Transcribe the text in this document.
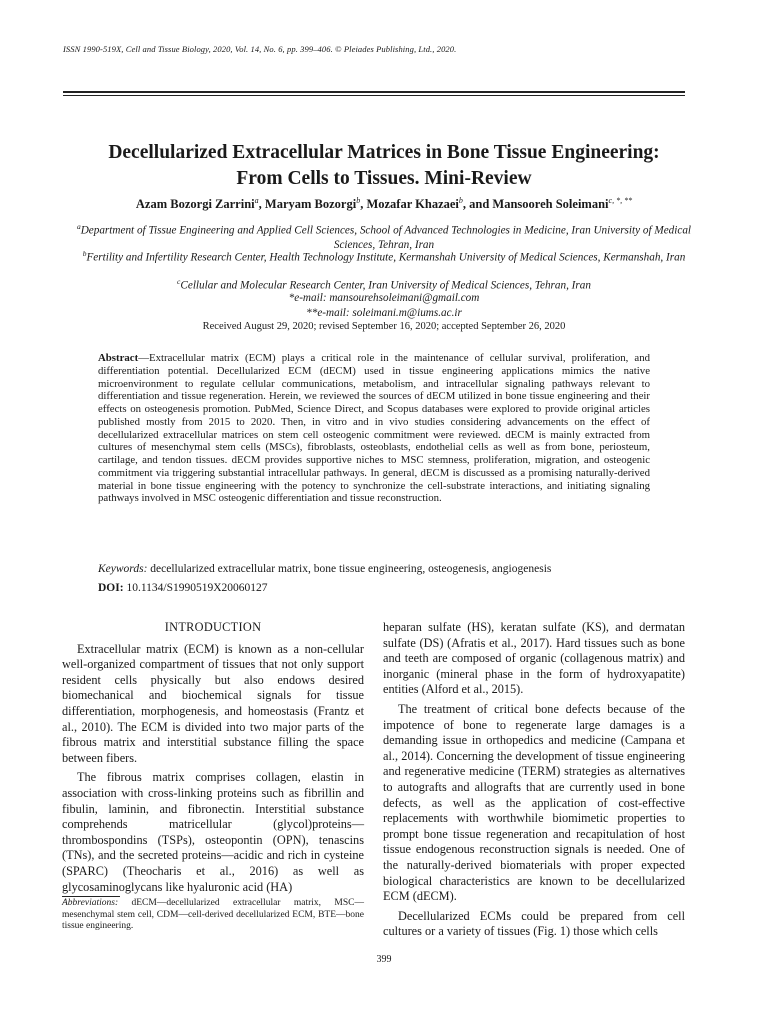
ISSN 1990-519X, Cell and Tissue Biology, 2020, Vol. 14, No. 6, pp. 399–406. © Pleiades Publishing, Ltd., 2020.
Decellularized Extracellular Matrices in Bone Tissue Engineering:
From Cells to Tissues. Mini-Review
Azam Bozorgi Zarrini$^a$, Maryam Bozorgi$^b$, Mozafar Khazaei$^b$, and Mansooreh Soleimani$^{c, *, **}$
$^a$Department of Tissue Engineering and Applied Cell Sciences, School of Advanced Technologies in Medicine, Iran University of Medical Sciences, Tehran, Iran
$^b$Fertility and Infertility Research Center, Health Technology Institute, Kermanshah University of Medical Sciences, Kermanshah, Iran
$^c$Cellular and Molecular Research Center, Iran University of Medical Sciences, Tehran, Iran
*e-mail: mansourehsoleimani@gmail.com
**e-mail: soleimani.m@iums.ac.ir
Received August 29, 2020; revised September 16, 2020; accepted September 26, 2020
Abstract—Extracellular matrix (ECM) plays a critical role in the maintenance of cellular survival, proliferation, and differentiation potential. Decellularized ECM (dECM) used in tissue engineering applications mimics the native microenvironment to regulate cellular communications, metabolism, and intracellular signaling pathways relevant to differentiation and tissue regeneration. Herein, we reviewed the sources of dECM utilized in bone tissue engineering and their effects on osteogenesis promotion. PubMed, Science Direct, and Scopus databases were explored to provide original articles published mostly from 2015 to 2020. Then, in vitro and in vivo studies considering advancements on the effect of decellularized extracellular matrices on stem cell osteogenic commitment were reviewed. dECM is mainly extracted from cultures of mesenchymal stem cells (MSCs), fibroblasts, osteoblasts, endothelial cells as well as from bone, periosteum, cartilage, and tendon tissues. dECM provides supportive niches to MSC stemness, proliferation, migration, and osteogenic commitment via triggering substantial intracellular pathways. In general, dECM is discussed as a promising naturally-derived material in bone tissue engineering with the potency to synchronize the cell-substrate interactions, and initiating signaling pathways involved in MSC osteogenic differentiation and tissue reconstruction.
Keywords: decellularized extracellular matrix, bone tissue engineering, osteogenesis, angiogenesis
DOI: 10.1134/S1990519X20060127
INTRODUCTION

Extracellular matrix (ECM) is known as a non-cellular well-organized compartment of tissues that not only support resident cells physically but also endows desired biomechanical and biochemical signals for tissue differentiation, morphogenesis, and homeostasis (Frantz et al., 2010). The ECM is divided into two major parts of the fibrous matrix and interstitial substance filling the space between fibers.

The fibrous matrix comprises collagen, elastin in association with cross-linking proteins such as fibrillin and fibulin, laminin, and fibronectin. Interstitial substance comprehends matricellular (glycol)proteins—thrombospondins (TSPs), osteopontin (OPN), tenascins (TNs), and the secreted proteins—acidic and rich in cysteine (SPARC) (Theocharis et al., 2016) as well as glycosaminoglycans like hyaluronic acid (HA)

heparan sulfate (HS), keratan sulfate (KS), and dermatan sulfate (DS) (Afratis et al., 2017). Hard tissues such as bone and teeth are composed of organic (collagenous matrix) and inorganic (mineral phase in the form of hydroxyapatite) entities (Alford et al., 2015).

The treatment of critical bone defects because of the impotence of bone to regenerate large damages is a demanding issue in orthopedics and medicine (Campana et al., 2014). Concerning the development of tissue engineering and regenerative medicine (TERM) strategies as alternatives to autografts and allografts that are currently used in bone defects, as well as the application of cost-effective replacements with worthwhile biomimetic properties to prompt bone tissue regeneration and recapitulation of host tissue endogenous reconstruction signals is needed. One of the naturally-derived biomaterials with proper expected biological characteristics are known to be decellularized ECM (dECM).

Decellularized ECMs could be prepared from cell cultures or a variety of tissues (Fig. 1) those which cells

Abbreviations: dECM—decellularized extracellular matrix, MSC—mesenchymal stem cell, CDM—cell-derived decellularized ECM, BTE—bone tissue engineering.
399
